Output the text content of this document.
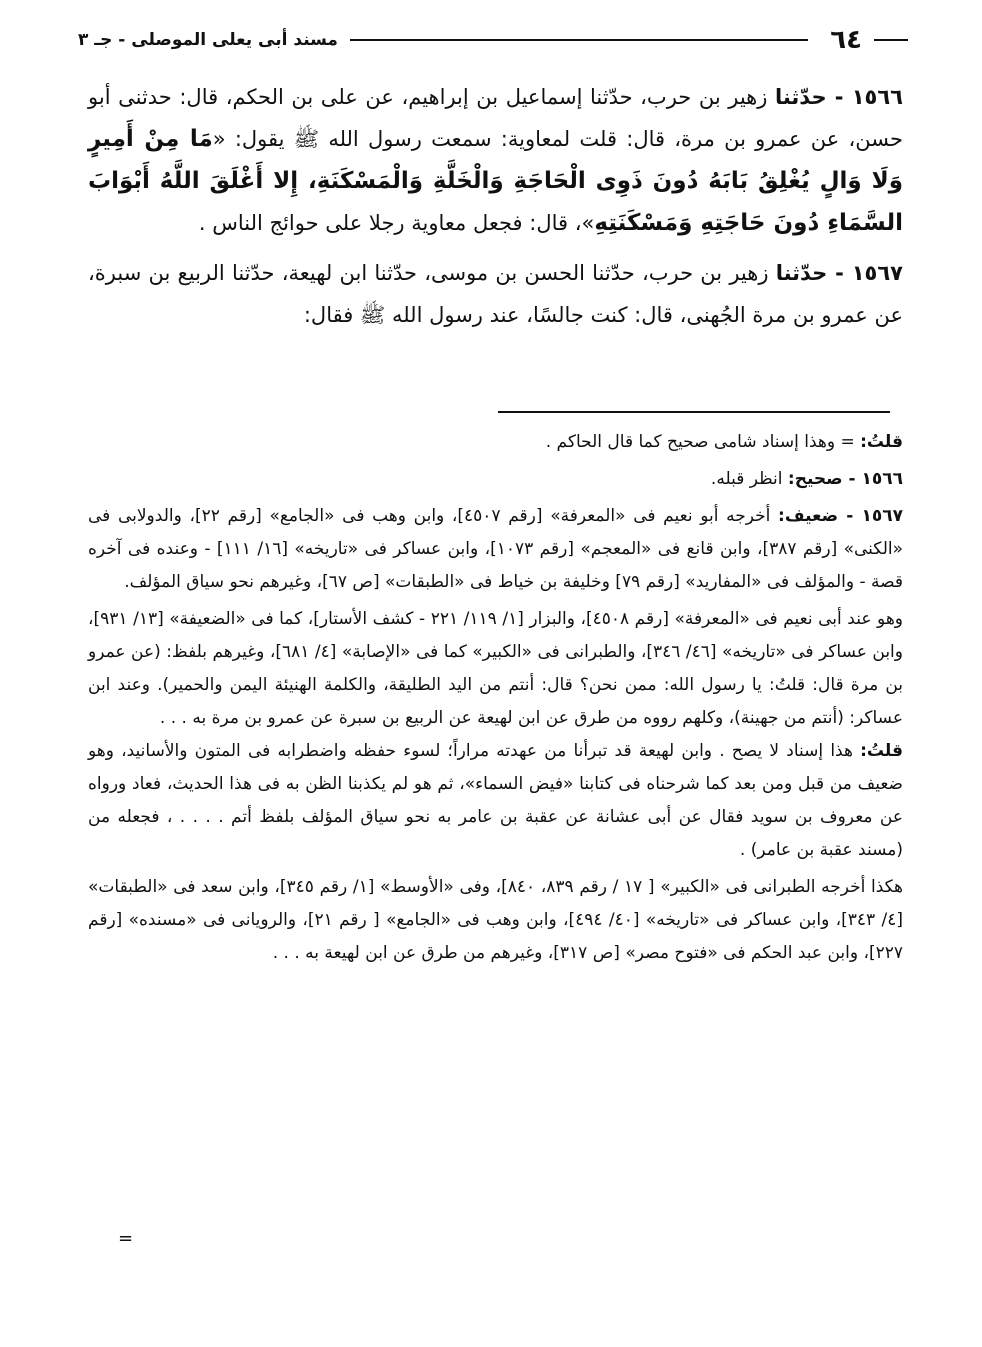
٦٤
مسند أبى يعلى الموصلى - جـ ٣

١٥٦٦ - حدّثنا زهير بن حرب، حدّثنا إسماعيل بن إبراهيم، عن على بن الحكم، قال: حدثنى أبو حسن، عن عمرو بن مرة، قال: قلت لمعاوية: سمعت رسول الله ﷺ يقول: «مَا مِنْ أَمِيرٍ وَلَا وَالٍ يُغْلِقُ بَابَهُ دُونَ ذَوِى الْحَاجَةِ وَالْخَلَّةِ وَالْمَسْكَنَةِ، إِلا أَغْلَقَ اللَّهُ أَبْوَابَ السَّمَاءِ دُونَ حَاجَتِهِ وَمَسْكَنَتِهِ»، قال: فجعل معاوية رجلا على حوائج الناس .

١٥٦٧ - حدّثنا زهير بن حرب، حدّثنا الحسن بن موسى، حدّثنا ابن لهيعة، حدّثنا الربيع بن سبرة، عن عمرو بن مرة الجُهنى، قال: كنت جالسًا، عند رسول الله ﷺ فقال:

قلتُ: = وهذا إسناد شامى صحيح كما قال الحاكم .

١٥٦٦ - صحيح: انظر قبله.

١٥٦٧ - ضعيف: أخرجه أبو نعيم فى «المعرفة» [رقم ٤٥٠٧]، وابن وهب فى «الجامع» [رقم ٢٢]، والدولابى فى «الكنى» [رقم ٣٨٧]، وابن قانع فى «المعجم» [رقم ١٠٧٣]، وابن عساكر فى «تاريخه» [١٦/ ١١١] - وعنده فى آخره قصة - والمؤلف فى «المفاريد» [رقم ٧٩] وخليفة بن خياط فى «الطبقات» [ص ٦٧]، وغيرهم نحو سياق المؤلف.

وهو عند أبى نعيم فى «المعرفة» [رقم ٤٥٠٨]، والبزار [١/ ١١٩/ ٢٢١ - كشف الأستار]، كما فى «الضعيفة» [١٣/ ٩٣١]، وابن عساكر فى «تاريخه» [٤٦/ ٣٤٦]، والطبرانى فى «الكبير» كما فى «الإصابة» [٤/ ٦٨١]، وغيرهم بلفظ: (عن عمرو بن مرة قال: قلتُ: يا رسول الله: ممن نحن؟ قال: أنتم من اليد الطليقة، والكلمة الهنيئة اليمن والحمير). وعند ابن عساكر: (أنتم من جهينة)، وكلهم رووه من طرق عن ابن لهيعة عن الربيع بن سبرة عن عمرو بن مرة به . . .

قلتُ: هذا إسناد لا يصح . وابن لهيعة قد تبرأنا من عهدته مراراً؛ لسوء حفظه واضطرابه فى المتون والأسانيد، وهو ضعيف من قبل ومن بعد كما شرحناه فى كتابنا «فيض السماء»، ثم هو لم يكذبنا الظن به فى هذا الحديث، فعاد ورواه عن معروف بن سويد فقال عن أبى عشانة عن عقبة بن عامر به نحو سياق المؤلف بلفظ أتم . . . . ، فجعله من (مسند عقبة بن عامر) .

هكذا أخرجه الطبرانى فى «الكبير» [ ١٧ / رقم ٨٣٩، ٨٤٠]، وفى «الأوسط» [١/ رقم ٣٤٥]، وابن سعد فى «الطبقات» [٤/ ٣٤٣]، وابن عساكر فى «تاريخه» [٤٠/ ٤٩٤]، وابن وهب فى «الجامع» [ رقم ٢١]، والرويانى فى «مسنده» [رقم ٢٢٧]، وابن عبد الحكم فى «فتوح مصر» [ص ٣١٧]، وغيرهم من طرق عن ابن لهيعة به . . .

=
